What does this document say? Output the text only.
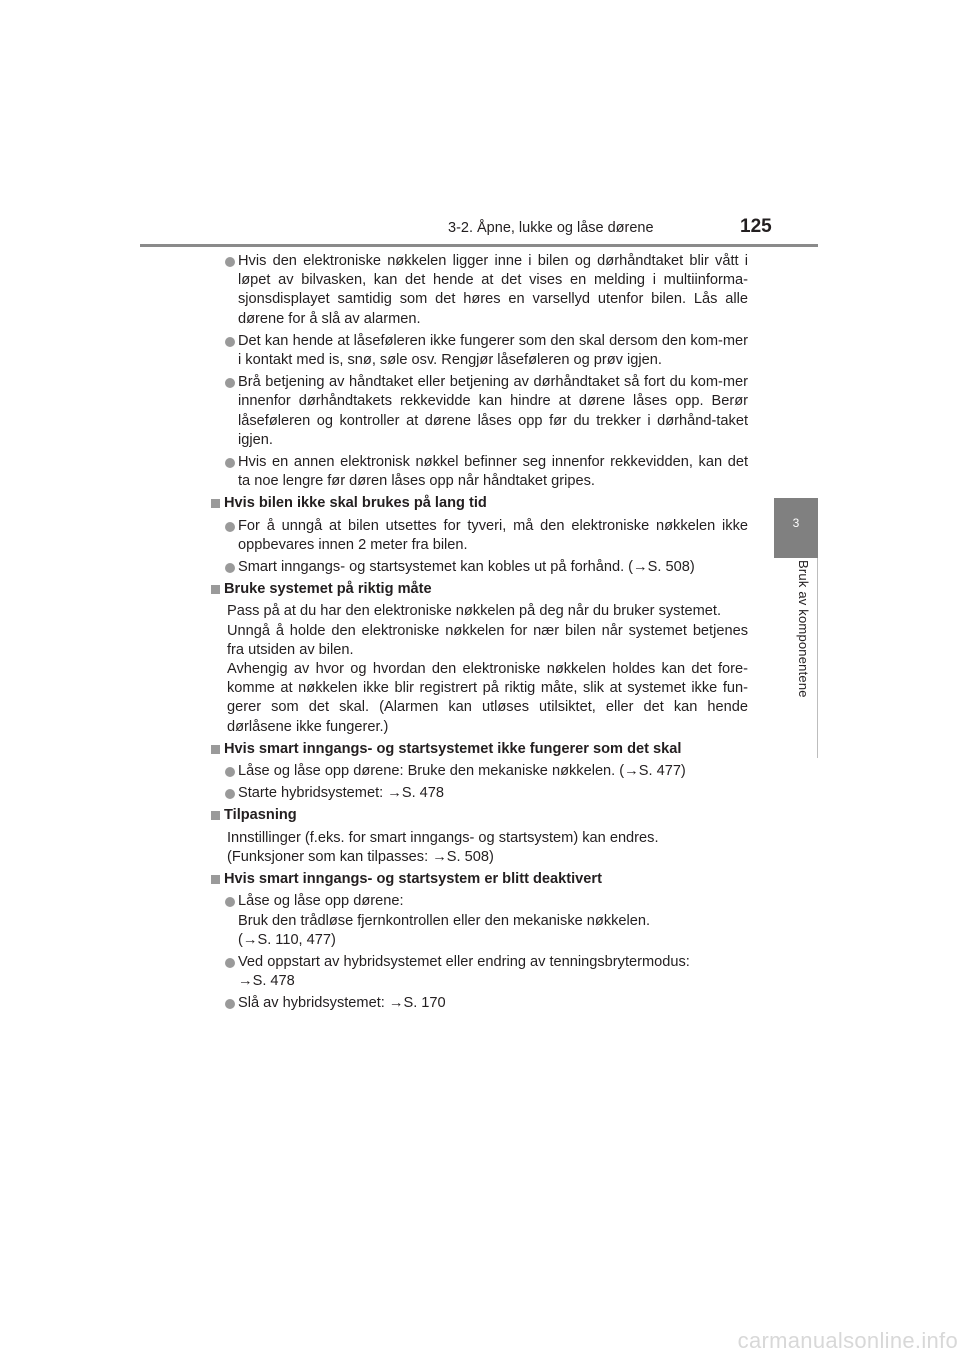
3-2. Åpne, lukke og låse dørene	125
3
Bruk av komponentene
Hvis den elektroniske nøkkelen ligger inne i bilen og dørhåndtaket blir vått i løpet av bilvasken, kan det hende at det vises en melding i multiinforma-sjonsdisplayet samtidig som det høres en varsellyd utenfor bilen. Lås alle dørene for å slå av alarmen.
Det kan hende at låseføleren ikke fungerer som den skal dersom den kom-mer i kontakt med is, snø, søle osv. Rengjør låseføleren og prøv igjen.
Brå betjening av håndtaket eller betjening av dørhåndtaket så fort du kom-mer innenfor dørhåndtakets rekkevidde kan hindre at dørene låses opp. Berør låseføleren og kontroller at dørene låses opp før du trekker i dørhånd-taket igjen.
Hvis en annen elektronisk nøkkel befinner seg innenfor rekkevidden, kan det ta noe lengre før døren låses opp når håndtaket gripes.
Hvis bilen ikke skal brukes på lang tid
For å unngå at bilen utsettes for tyveri, må den elektroniske nøkkelen ikke oppbevares innen 2 meter fra bilen.
Smart inngangs- og startsystemet kan kobles ut på forhånd. (→S. 508)
Bruke systemet på riktig måte
Pass på at du har den elektroniske nøkkelen på deg når du bruker systemet.
Unngå å holde den elektroniske nøkkelen for nær bilen når systemet betjenes fra utsiden av bilen.
Avhengig av hvor og hvordan den elektroniske nøkkelen holdes kan det fore-komme at nøkkelen ikke blir registrert på riktig måte, slik at systemet ikke fun-gerer som det skal. (Alarmen kan utløses utilsiktet, eller det kan hende dørlåsene ikke fungerer.)
Hvis smart inngangs- og startsystemet ikke fungerer som det skal
Låse og låse opp dørene: Bruke den mekaniske nøkkelen. (→S. 477)
Starte hybridsystemet: →S. 478
Tilpasning
Innstillinger (f.eks. for smart inngangs- og startsystem) kan endres.
(Funksjoner som kan tilpasses: →S. 508)
Hvis smart inngangs- og startsystem er blitt deaktivert
Låse og låse opp dørene:
Bruk den trådløse fjernkontrollen eller den mekaniske nøkkelen.
(→S. 110, 477)
Ved oppstart av hybridsystemet eller endring av tenningsbrytermodus:
→S. 478
Slå av hybridsystemet: →S. 170
carmanualsonline.info
